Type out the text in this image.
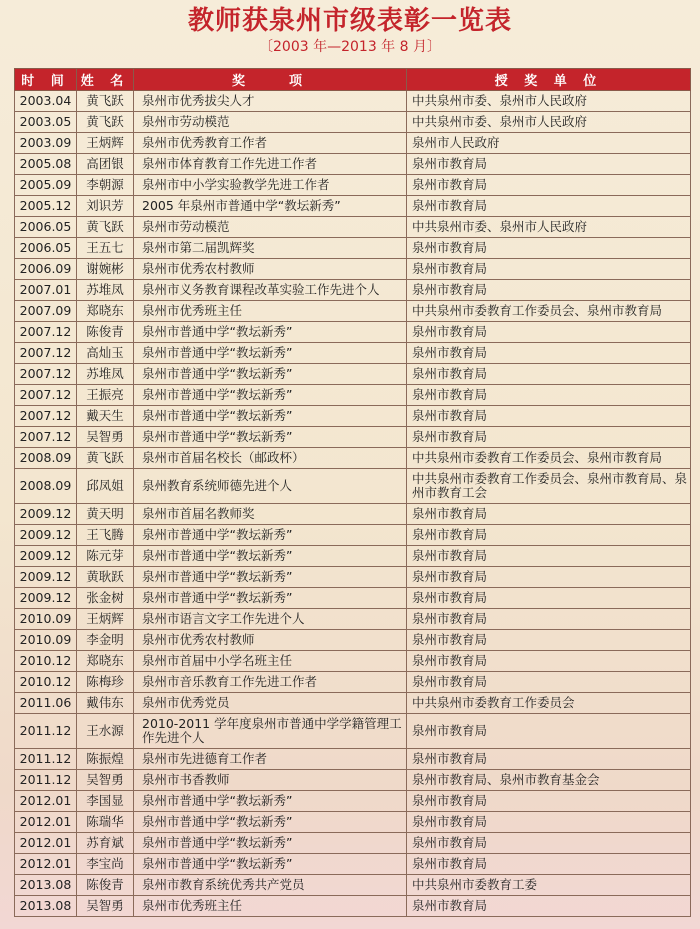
教师获泉州市级表彰一览表
〔2003 年—2013 年 8 月〕
时 间	姓 名	奖　　项	授 奖 单 位
2003.04	黄飞跃	泉州市优秀拔尖人才	中共泉州市委、泉州市人民政府
2003.05	黄飞跃	泉州市劳动模范	中共泉州市委、泉州市人民政府
2003.09	王炳辉	泉州市优秀教育工作者	泉州市人民政府
2005.08	高团银	泉州市体育教育工作先进工作者	泉州市教育局
2005.09	李朝源	泉州市中小学实验教学先进工作者	泉州市教育局
2005.12	刘识芳	2005 年泉州市普通中学“教坛新秀”	泉州市教育局
2006.05	黄飞跃	泉州市劳动模范	中共泉州市委、泉州市人民政府
2006.05	王五七	泉州市第二届凯辉奖	泉州市教育局
2006.09	谢婉彬	泉州市优秀农村教师	泉州市教育局
2007.01	苏堆凤	泉州市义务教育课程改革实验工作先进个人	泉州市教育局
2007.09	郑晓东	泉州市优秀班主任	中共泉州市委教育工作委员会、泉州市教育局
2007.12	陈俊青	泉州市普通中学“教坛新秀”	泉州市教育局
2007.12	高灿玉	泉州市普通中学“教坛新秀”	泉州市教育局
2007.12	苏堆凤	泉州市普通中学“教坛新秀”	泉州市教育局
2007.12	王振亮	泉州市普通中学“教坛新秀”	泉州市教育局
2007.12	戴天生	泉州市普通中学“教坛新秀”	泉州市教育局
2007.12	吴智勇	泉州市普通中学“教坛新秀”	泉州市教育局
2008.09	黄飞跃	泉州市首届名校长（邮政杯）	中共泉州市委教育工作委员会、泉州市教育局
2008.09	邱凤姐	泉州教育系统师德先进个人	中共泉州市委教育工作委员会、泉州市教育局、泉州市教育工会
2009.12	黄天明	泉州市首届名教师奖	泉州市教育局
2009.12	王飞腾	泉州市普通中学“教坛新秀”	泉州市教育局
2009.12	陈元芽	泉州市普通中学“教坛新秀”	泉州市教育局
2009.12	黄耿跃	泉州市普通中学“教坛新秀”	泉州市教育局
2009.12	张金树	泉州市普通中学“教坛新秀”	泉州市教育局
2010.09	王炳辉	泉州市语言文字工作先进个人	泉州市教育局
2010.09	李金明	泉州市优秀农村教师	泉州市教育局
2010.12	郑晓东	泉州市首届中小学名班主任	泉州市教育局
2010.12	陈梅珍	泉州市音乐教育工作先进工作者	泉州市教育局
2011.06	戴伟东	泉州市优秀党员	中共泉州市委教育工作委员会
2011.12	王水源	2010-2011 学年度泉州市普通中学学籍管理工作先进个人	泉州市教育局
2011.12	陈振煌	泉州市先进德育工作者	泉州市教育局
2011.12	吴智勇	泉州市书香教师	泉州市教育局、泉州市教育基金会
2012.01	李国显	泉州市普通中学“教坛新秀”	泉州市教育局
2012.01	陈瑞华	泉州市普通中学“教坛新秀”	泉州市教育局
2012.01	苏育斌	泉州市普通中学“教坛新秀”	泉州市教育局
2012.01	李宝尚	泉州市普通中学“教坛新秀”	泉州市教育局
2013.08	陈俊青	泉州市教育系统优秀共产党员	中共泉州市委教育工委
2013.08	吴智勇	泉州市优秀班主任	泉州市教育局
